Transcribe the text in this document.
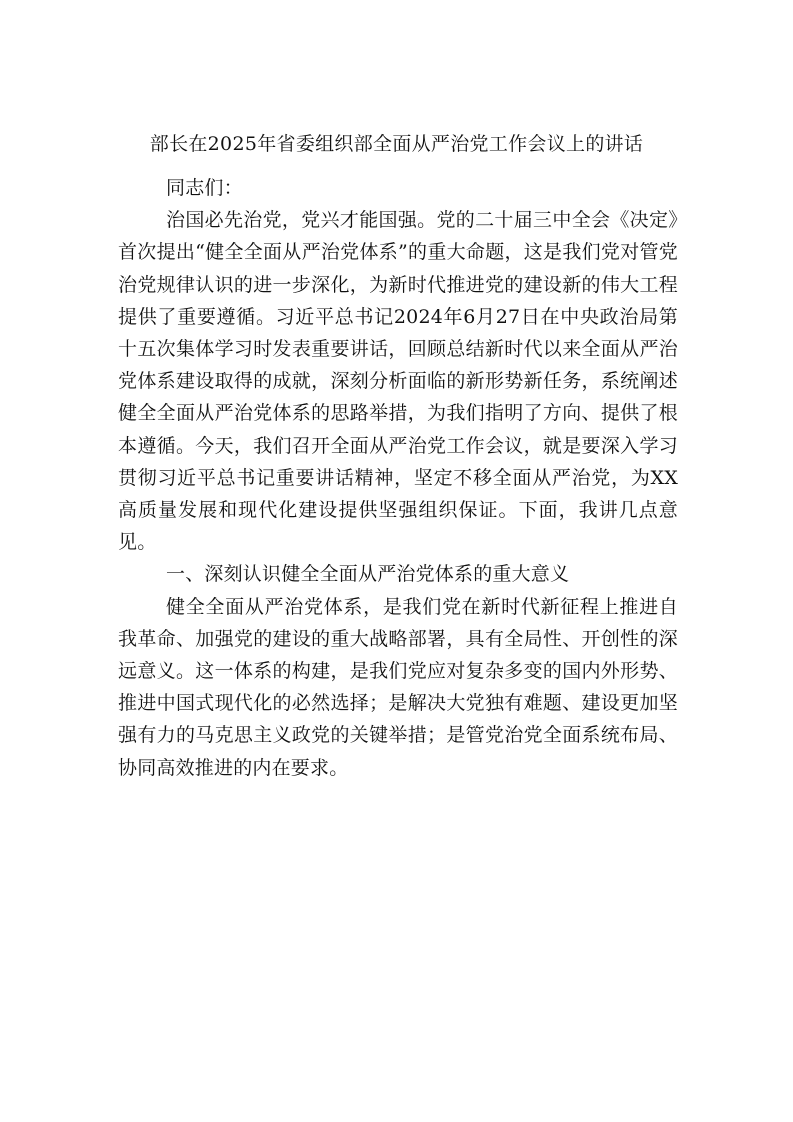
部长在2025年省委组织部全面从严治党工作会议上的讲话

同志们：

治国必先治党，党兴才能国强。党的二十届三中全会《决定》首次提出“健全全面从严治党体系”的重大命题，这是我们党对管党治党规律认识的进一步深化，为新时代推进党的建设新的伟大工程提供了重要遵循。习近平总书记2024年6月27日在中央政治局第十五次集体学习时发表重要讲话，回顾总结新时代以来全面从严治党体系建设取得的成就，深刻分析面临的新形势新任务，系统阐述健全全面从严治党体系的思路举措，为我们指明了方向、提供了根本遵循。今天，我们召开全面从严治党工作会议，就是要深入学习贯彻习近平总书记重要讲话精神，坚定不移全面从严治党，为XX高质量发展和现代化建设提供坚强组织保证。下面，我讲几点意见。

一、深刻认识健全全面从严治党体系的重大意义

健全全面从严治党体系，是我们党在新时代新征程上推进自我革命、加强党的建设的重大战略部署，具有全局性、开创性的深远意义。这一体系的构建，是我们党应对复杂多变的国内外形势、推进中国式现代化的必然选择；是解决大党独有难题、建设更加坚强有力的马克思主义政党的关键举措；是管党治党全面系统布局、协同高效推进的内在要求。
